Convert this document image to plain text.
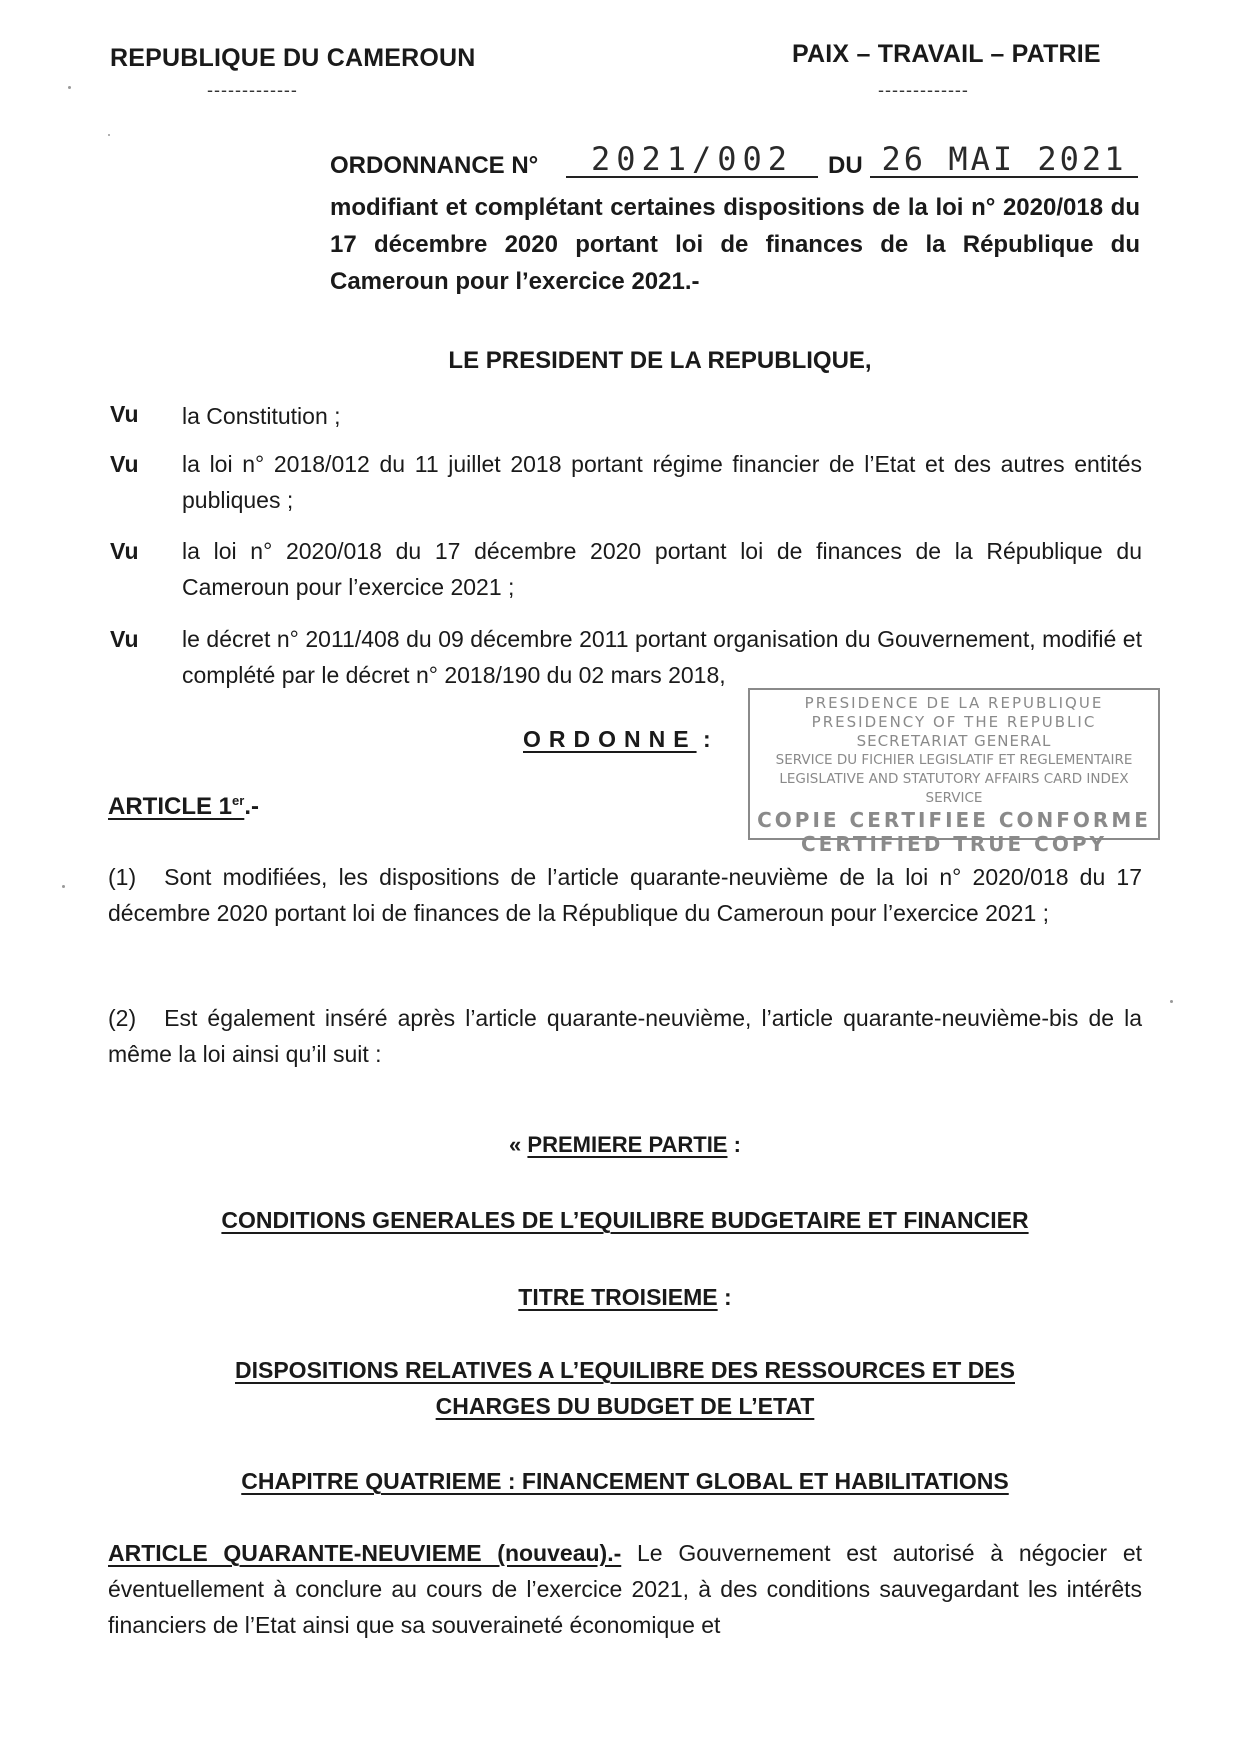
REPUBLIQUE DU CAMEROUN
-------------
PAIX – TRAVAIL – PATRIE
-------------
ORDONNANCE N°	2021/002	DU 26 MAI 2021
modifiant et complétant certaines dispositions de la loi n° 2020/018 du 17 décembre 2020 portant loi de finances de la République du Cameroun pour l’exercice 2021.-
LE PRESIDENT DE LA REPUBLIQUE,
Vu la Constitution ;
Vu la loi n° 2018/012 du 11 juillet 2018 portant régime financier de l’Etat et des autres entités publiques ;
Vu la loi n° 2020/018 du 17 décembre 2020 portant loi de finances de la République du Cameroun pour l’exercice 2021 ;
Vu le décret n° 2011/408 du 09 décembre 2011 portant organisation du Gouvernement, modifié et complété par le décret n° 2018/190 du 02 mars 2018,
ORDONNE :
PRESIDENCE DE LA REPUBLIQUE
PRESIDENCY OF THE REPUBLIC
SECRETARIAT GENERAL
SERVICE DU FICHIER LEGISLATIF ET REGLEMENTAIRE
LEGISLATIVE AND STATUTORY AFFAIRS CARD INDEX SERVICE
COPIE CERTIFIEE CONFORME
CERTIFIED TRUE COPY
ARTICLE 1er.-
(1) Sont modifiées, les dispositions de l’article quarante-neuvième de la loi n° 2020/018 du 17 décembre 2020 portant loi de finances de la République du Cameroun pour l’exercice 2021 ;
(2) Est également inséré après l’article quarante-neuvième, l’article quarante-neuvième-bis de la même la loi ainsi qu’il suit :
« PREMIERE PARTIE :
CONDITIONS GENERALES DE L’EQUILIBRE BUDGETAIRE ET FINANCIER
TITRE TROISIEME :
DISPOSITIONS RELATIVES A L’EQUILIBRE DES RESSOURCES ET DES
CHARGES DU BUDGET DE L’ETAT
CHAPITRE QUATRIEME : FINANCEMENT GLOBAL ET HABILITATIONS
ARTICLE QUARANTE-NEUVIEME (nouveau).- Le Gouvernement est autorisé à négocier et éventuellement à conclure au cours de l’exercice 2021, à des conditions sauvegardant les intérêts financiers de l’Etat ainsi que sa souveraineté économique et
